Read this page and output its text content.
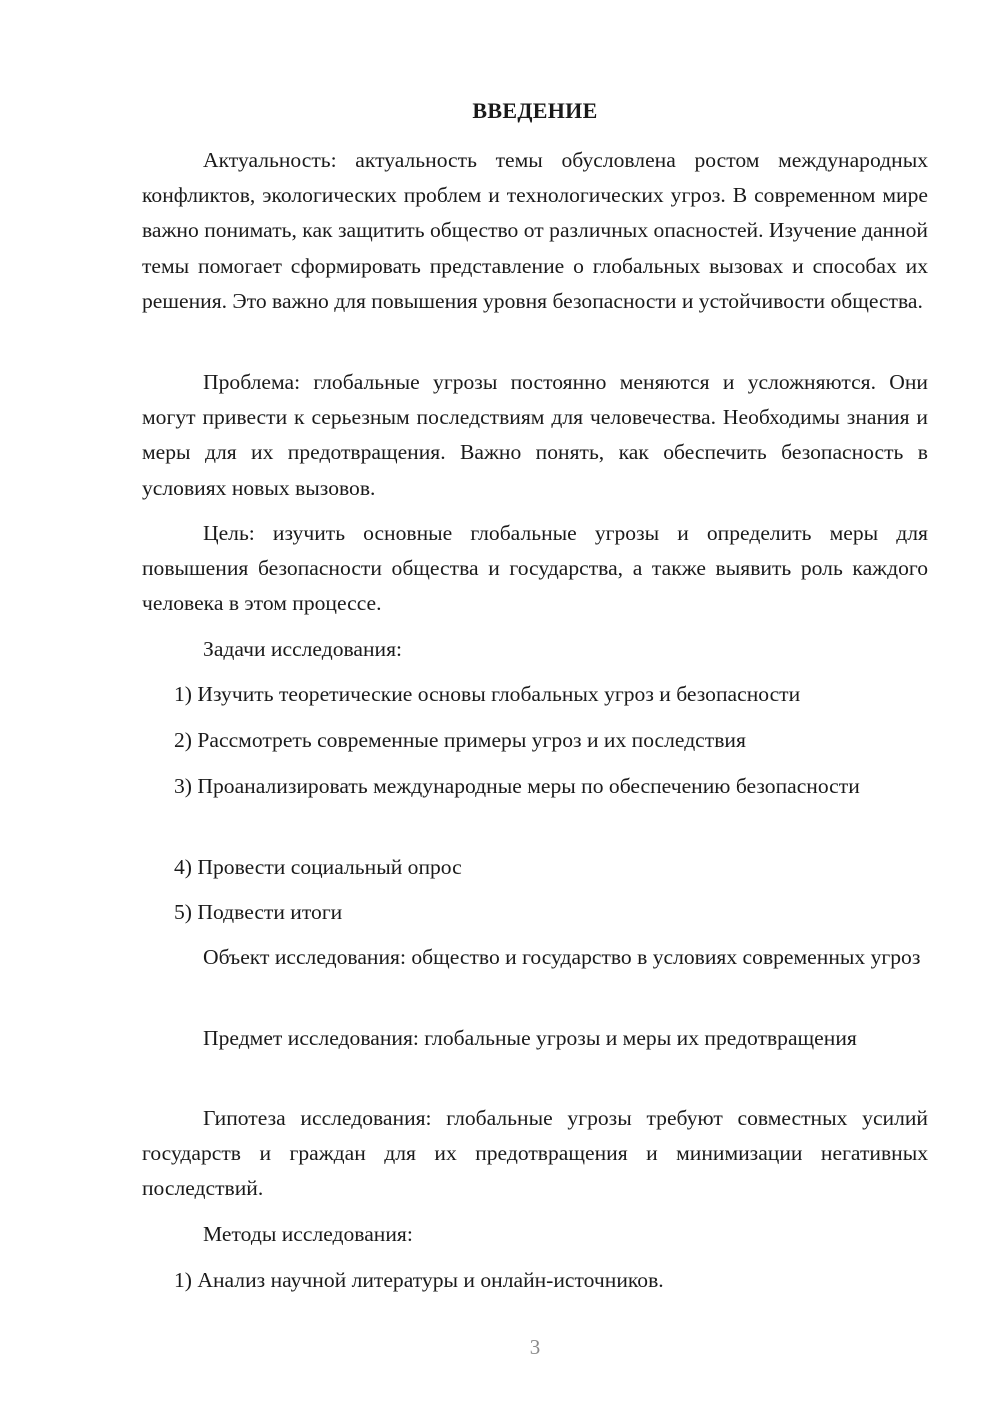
ВВЕДЕНИЕ

Актуальность: актуальность темы обусловлена ростом международных конфликтов, экологических проблем и технологических угроз. В современном мире важно понимать, как защитить общество от различных опасностей. Изучение данной темы помогает сформировать представление о глобальных вызовах и способах их решения. Это важно для повышения уровня безопасности и устойчивости общества.

Проблема: глобальные угрозы постоянно меняются и усложняются. Они могут привести к серьезным последствиям для человечества. Необходимы знания и меры для их предотвращения. Важно понять, как обеспечить безопасность в условиях новых вызовов.

Цель: изучить основные глобальные угрозы и определить меры для повышения безопасности общества и государства, а также выявить роль каждого человека в этом процессе.

Задачи исследования:

1) Изучить теоретические основы глобальных угроз и безопасности

2) Рассмотреть современные примеры угроз и их последствия

3) Проанализировать международные меры по обеспечению безопасности

4) Провести социальный опрос

5) Подвести итоги

Объект исследования: общество и государство в условиях современных угроз

Предмет исследования: глобальные угрозы и меры их предотвращения

Гипотеза исследования: глобальные угрозы требуют совместных усилий государств и граждан для их предотвращения и минимизации негативных последствий.

Методы исследования:

1) Анализ научной литературы и онлайн-источников.

3
